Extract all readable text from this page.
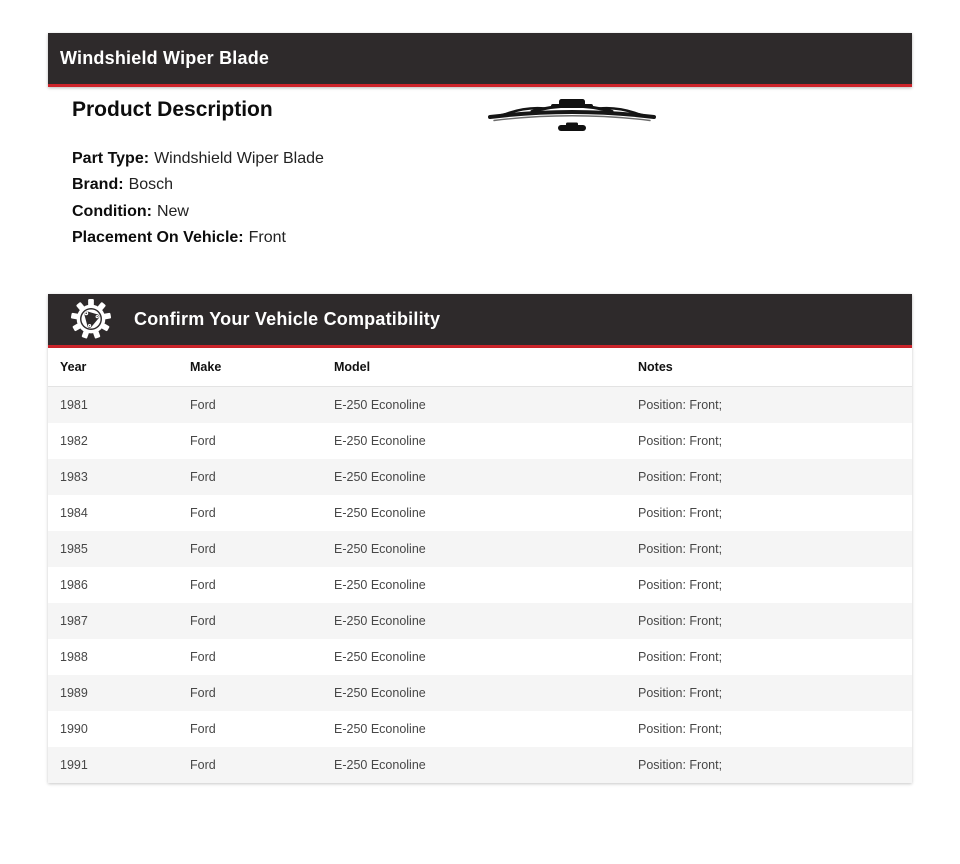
Windshield Wiper Blade
Product Description

Part Type: Windshield Wiper Blade

Brand: Bosch

Condition: New

Placement On Vehicle: Front

Confirm Your Vehicle Compatibility
Year	Make	Model	Notes
1981	Ford	E-250 Econoline	Position: Front;
1982	Ford	E-250 Econoline	Position: Front;
1983	Ford	E-250 Econoline	Position: Front;
1984	Ford	E-250 Econoline	Position: Front;
1985	Ford	E-250 Econoline	Position: Front;
1986	Ford	E-250 Econoline	Position: Front;
1987	Ford	E-250 Econoline	Position: Front;
1988	Ford	E-250 Econoline	Position: Front;
1989	Ford	E-250 Econoline	Position: Front;
1990	Ford	E-250 Econoline	Position: Front;
1991	Ford	E-250 Econoline	Position: Front;
